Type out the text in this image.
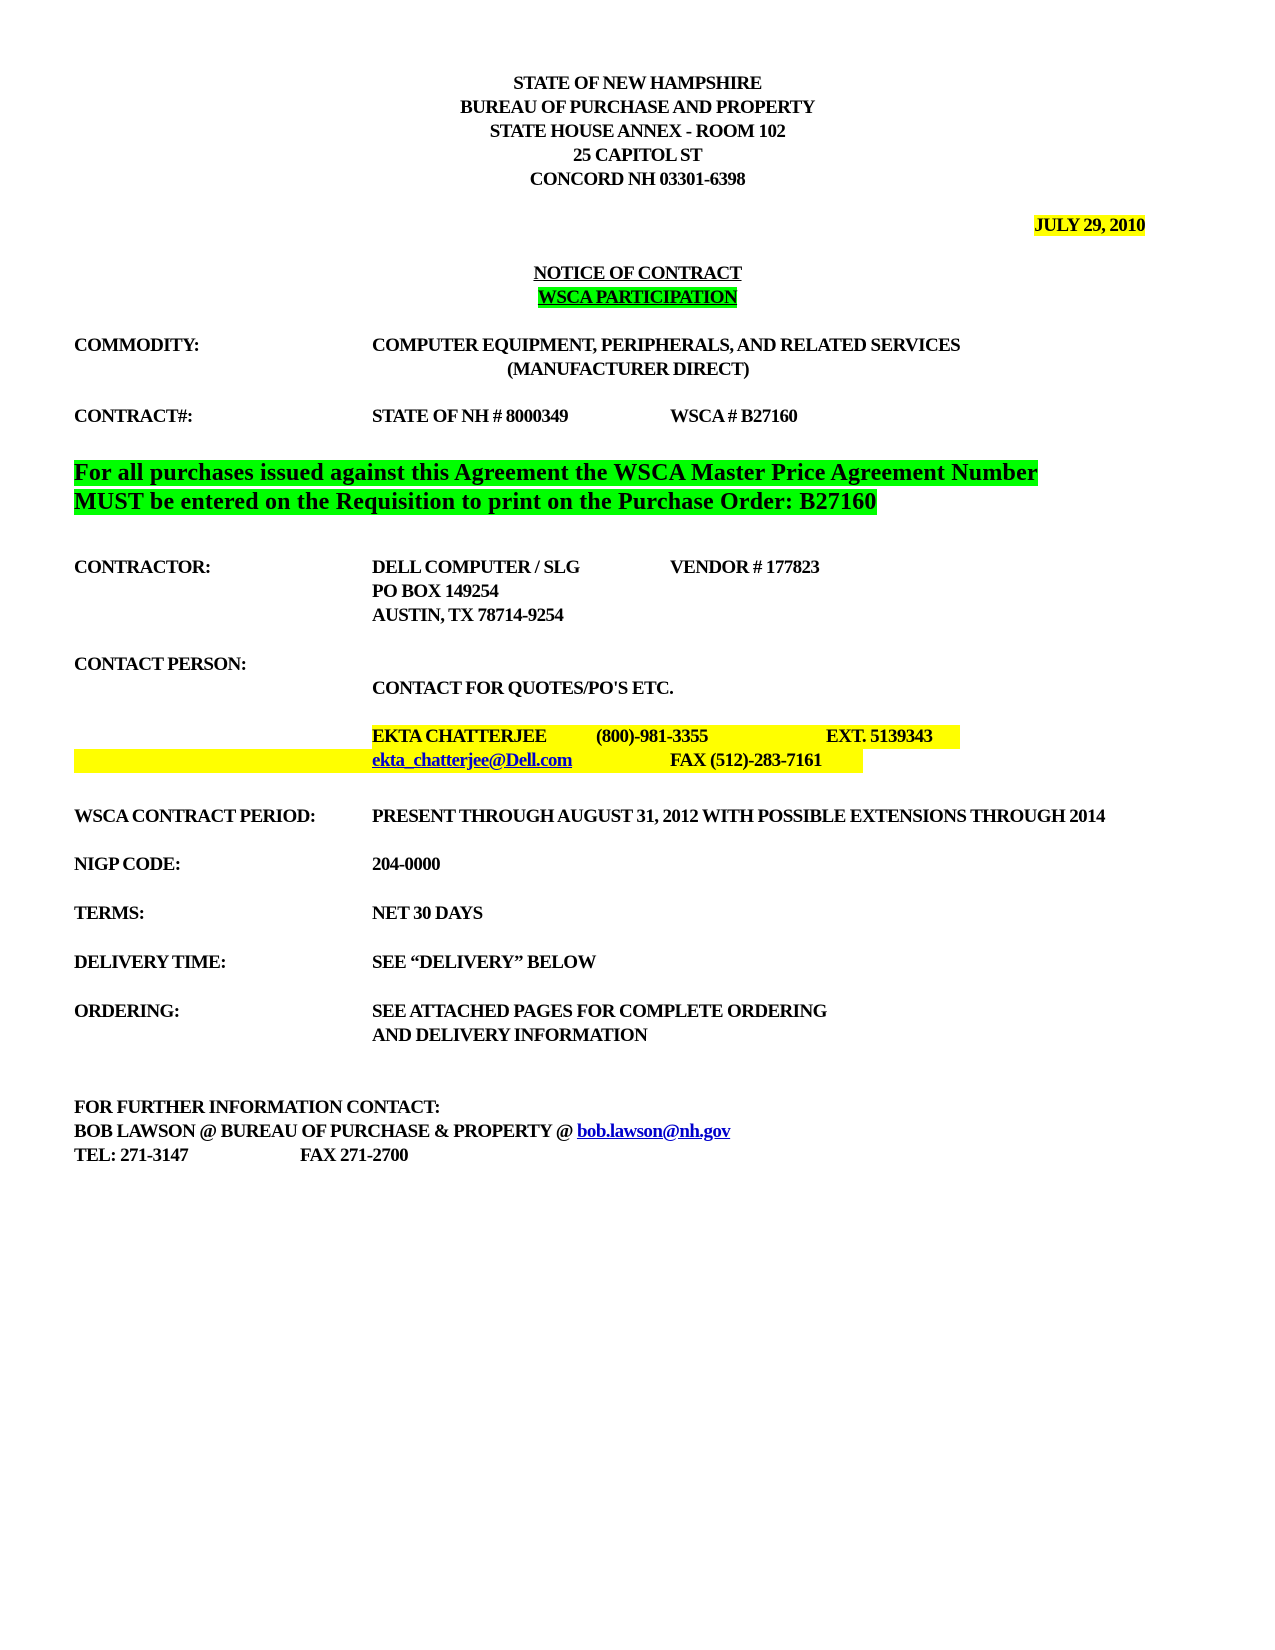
STATE OF NEW HAMPSHIRE
BUREAU OF PURCHASE AND PROPERTY
STATE HOUSE ANNEX - ROOM 102
25 CAPITOL ST
CONCORD NH 03301-6398
JULY 29, 2010
NOTICE OF CONTRACT
WSCA PARTICIPATION
COMMODITY:	COMPUTER EQUIPMENT, PERIPHERALS, AND RELATED SERVICES
(MANUFACTURER DIRECT)
CONTRACT#:	STATE OF NH # 8000349	WSCA # B27160
For all purchases issued against this Agreement the WSCA Master Price Agreement Number
MUST be entered on the Requisition to print on the Purchase Order: B27160
CONTRACTOR:	DELL COMPUTER / SLG	VENDOR # 177823
PO BOX 149254
AUSTIN, TX 78714-9254
CONTACT PERSON:
CONTACT FOR QUOTES/PO'S ETC.
EKTA CHATTERJEE	(800)-981-3355	EXT. 5139343
ekta_chatterjee@Dell.com	FAX (512)-283-7161
WSCA CONTRACT PERIOD:	PRESENT THROUGH AUGUST 31, 2012 WITH POSSIBLE EXTENSIONS THROUGH 2014
NIGP CODE:	204-0000
TERMS:	NET 30 DAYS
DELIVERY TIME:	SEE “DELIVERY” BELOW
ORDERING:	SEE ATTACHED PAGES FOR COMPLETE ORDERING
AND DELIVERY INFORMATION
FOR FURTHER INFORMATION CONTACT:
BOB LAWSON @ BUREAU OF PURCHASE & PROPERTY @ bob.lawson@nh.gov
TEL: 271-3147	FAX 271-2700
